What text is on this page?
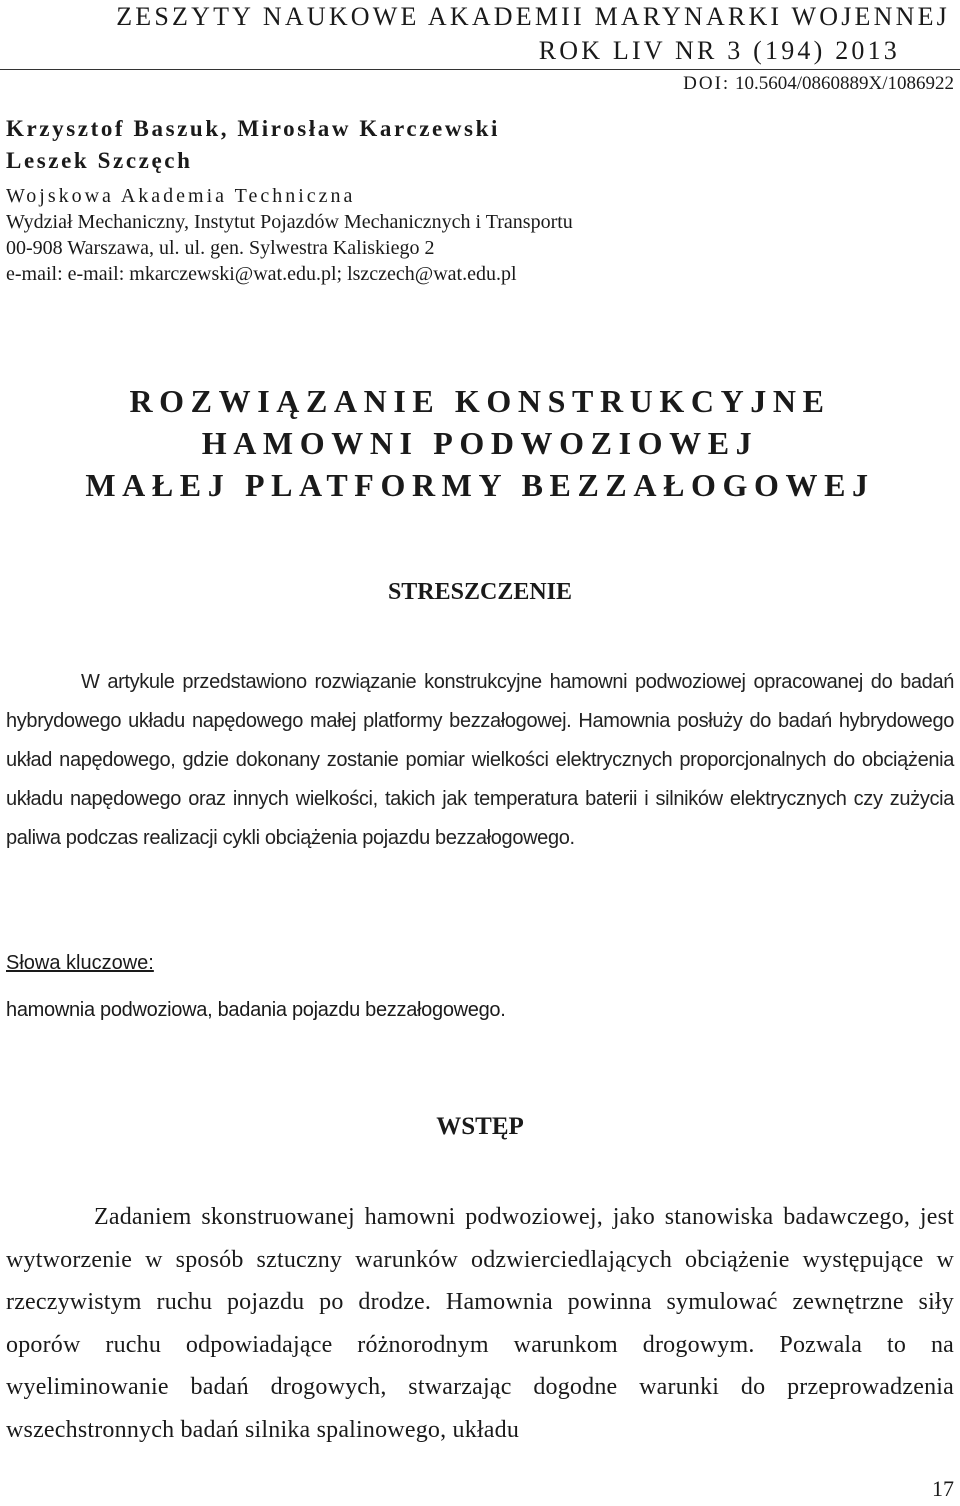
ZESZYTY NAUKOWE AKADEMII MARYNARKI WOJENNEJ
ROK LIV NR 3 (194) 2013
DOI: 10.5604/0860889X/1086922
Krzysztof Baszuk, Mirosław Karczewski
Leszek Szczęch
Wojskowa Akademia Techniczna
Wydział Mechaniczny, Instytut Pojazdów Mechanicznych i Transportu
00-908 Warszawa, ul. ul. gen. Sylwestra Kaliskiego 2
e-mail: e-mail: mkarczewski@wat.edu.pl; lszczech@wat.edu.pl
ROZWIĄZANIE KONSTRUKCYJNE
HAMOWNI PODWOZIOWEJ
MAŁEJ PLATFORMY BEZZAŁOGOWEJ
STRESZCZENIE

W artykule przedstawiono rozwiązanie konstrukcyjne hamowni podwoziowej opracowanej do badań hybrydowego układu napędowego małej platformy bezzałogowej. Hamownia posłuży do badań hybrydowego układ napędowego, gdzie dokonany zostanie pomiar wielkości elektrycznych proporcjonalnych do obciążenia układu napędowego oraz innych wielkości, takich jak temperatura baterii i silników elektrycznych czy zużycia paliwa podczas realizacji cykli obciążenia pojazdu bezzałogowego.

Słowa kluczowe:
hamownia podwoziowa, badania pojazdu bezzałogowego.
WSTĘP

Zadaniem skonstruowanej hamowni podwoziowej, jako stanowiska badawczego, jest wytworzenie w sposób sztuczny warunków odzwierciedlających obciążenie występujące w rzeczywistym ruchu pojazdu po drodze. Hamownia powinna symulować zewnętrzne siły oporów ruchu odpowiadające różnorodnym warunkom drogowym. Pozwala to na wyeliminowanie badań drogowych, stwarzając dogodne warunki do przeprowadzenia wszechstronnych badań silnika spalinowego, układu

17
